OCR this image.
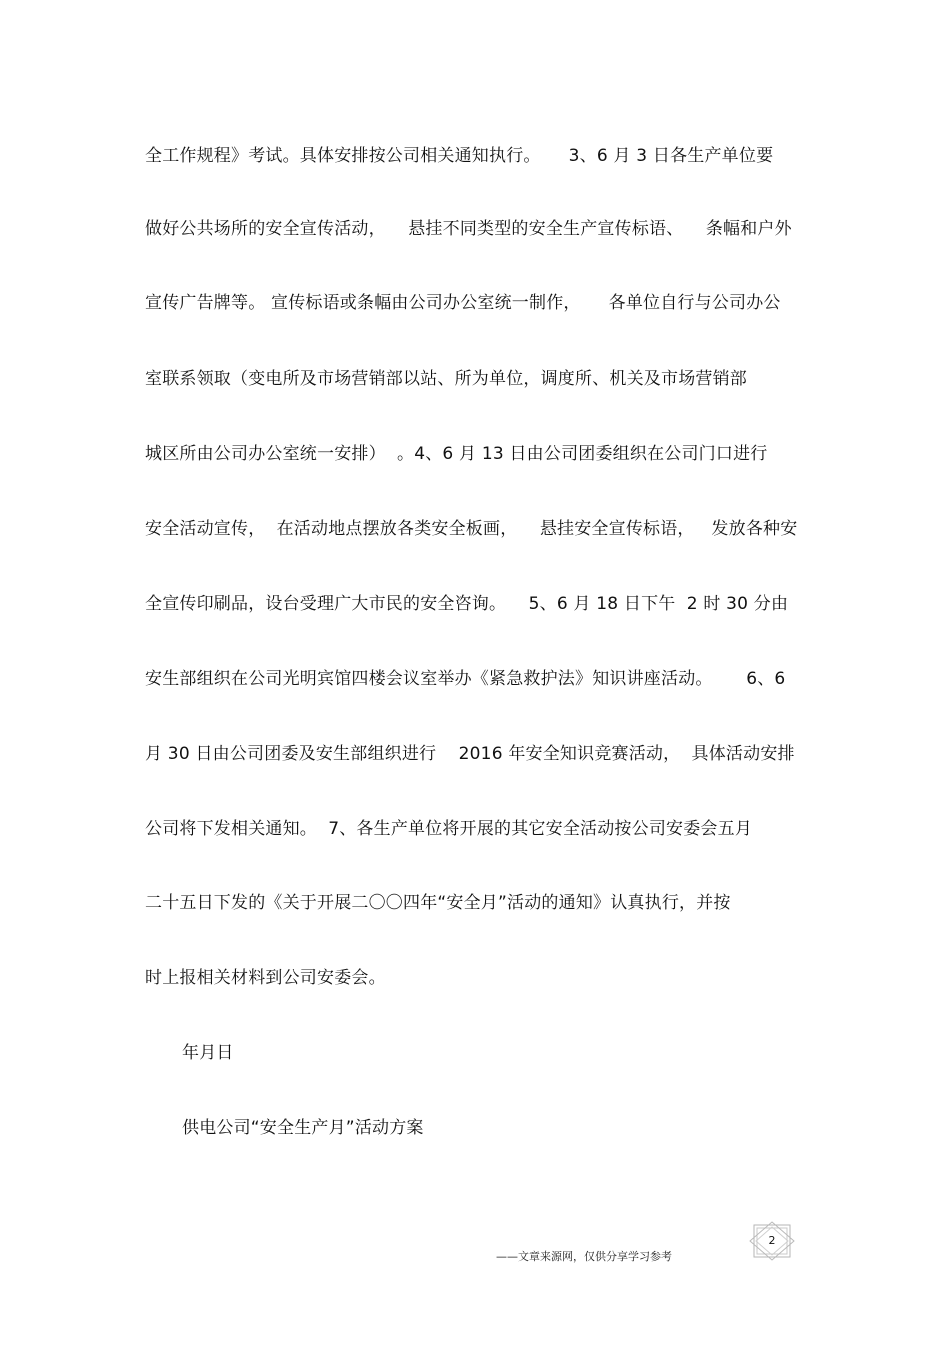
全工作规程》考试。具体安排按公司相关通知执行。     3、6 月 3 日各生产单位要
做好公共场所的安全宣传活动，    悬挂不同类型的安全生产宣传标语、    条幅和户外
宣传广告牌等。 宣传标语或条幅由公司办公室统一制作，     各单位自行与公司办公
室联系领取（变电所及市场营销部以站、所为单位，调度所、机关及市场营销部
城区所由公司办公室统一安排）  。4、6 月 13 日由公司团委组织在公司门口进行
安全活动宣传，  在活动地点摆放各类安全板画，    悬挂安全宣传标语，   发放各种安
全宣传印刷品，设台受理广大市民的安全咨询。    5、6 月 18 日下午  2 时 30 分由
安生部组织在公司光明宾馆四楼会议室举办《紧急救护法》知识讲座活动。      6、6
月 30 日由公司团委及安生部组织进行    2016 年安全知识竞赛活动，  具体活动安排
公司将下发相关通知。  7、各生产单位将开展的其它安全活动按公司安委会五月
二十五日下发的《关于开展二〇〇四年“安全月”活动的通知》认真执行，并按
时上报相关材料到公司安委会。
年月日
供电公司“安全生产月”活动方案
——文章来源网，仅供分享学习参考
2
